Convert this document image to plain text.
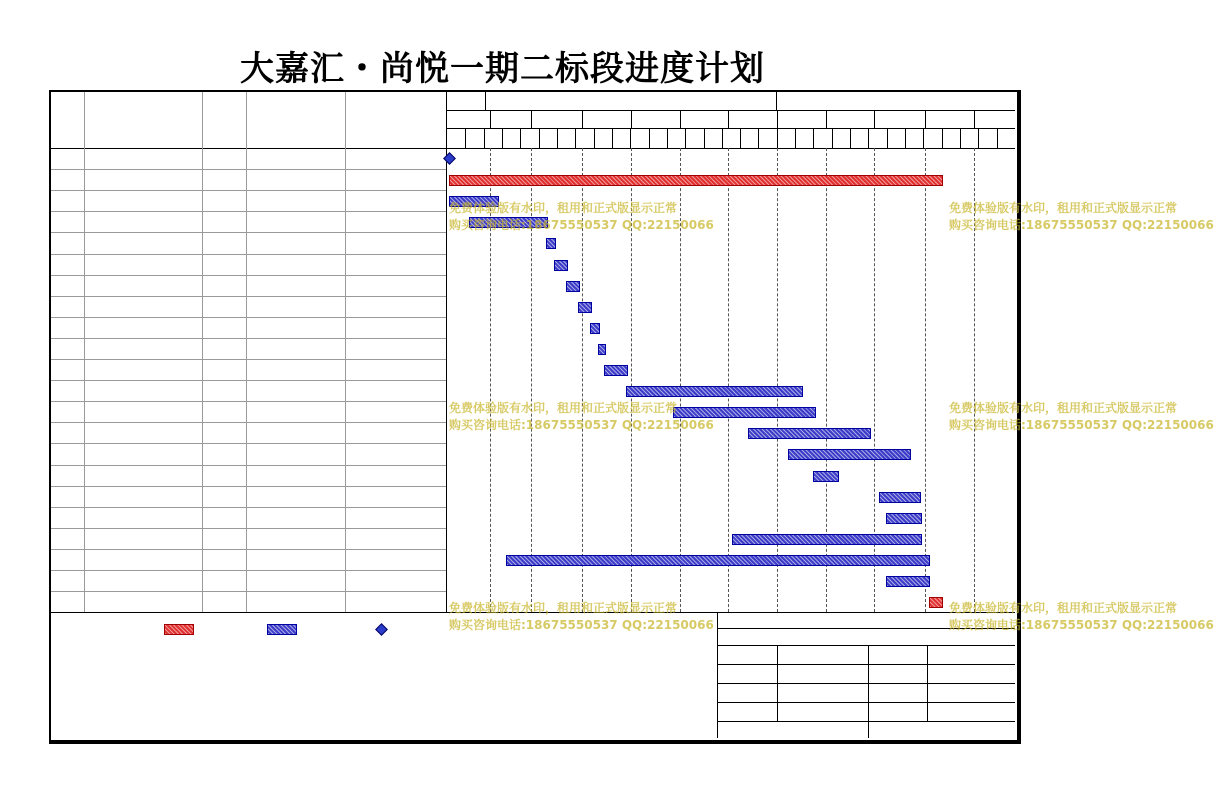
大嘉汇・尚悦一期二标段进度计划
免费体验版有水印，租用和正式版显示正常
购买咨询电话:18675550537 QQ:22150066
免费体验版有水印，租用和正式版显示正常
购买咨询电话:18675550537 QQ:22150066
免费体验版有水印，租用和正式版显示正常
购买咨询电话:18675550537 QQ:22150066
免费体验版有水印，租用和正式版显示正常
购买咨询电话:18675550537 QQ:22150066
免费体验版有水印，租用和正式版显示正常
购买咨询电话:18675550537 QQ:22150066
免费体验版有水印，租用和正式版显示正常
购买咨询电话:18675550537 QQ:22150066
